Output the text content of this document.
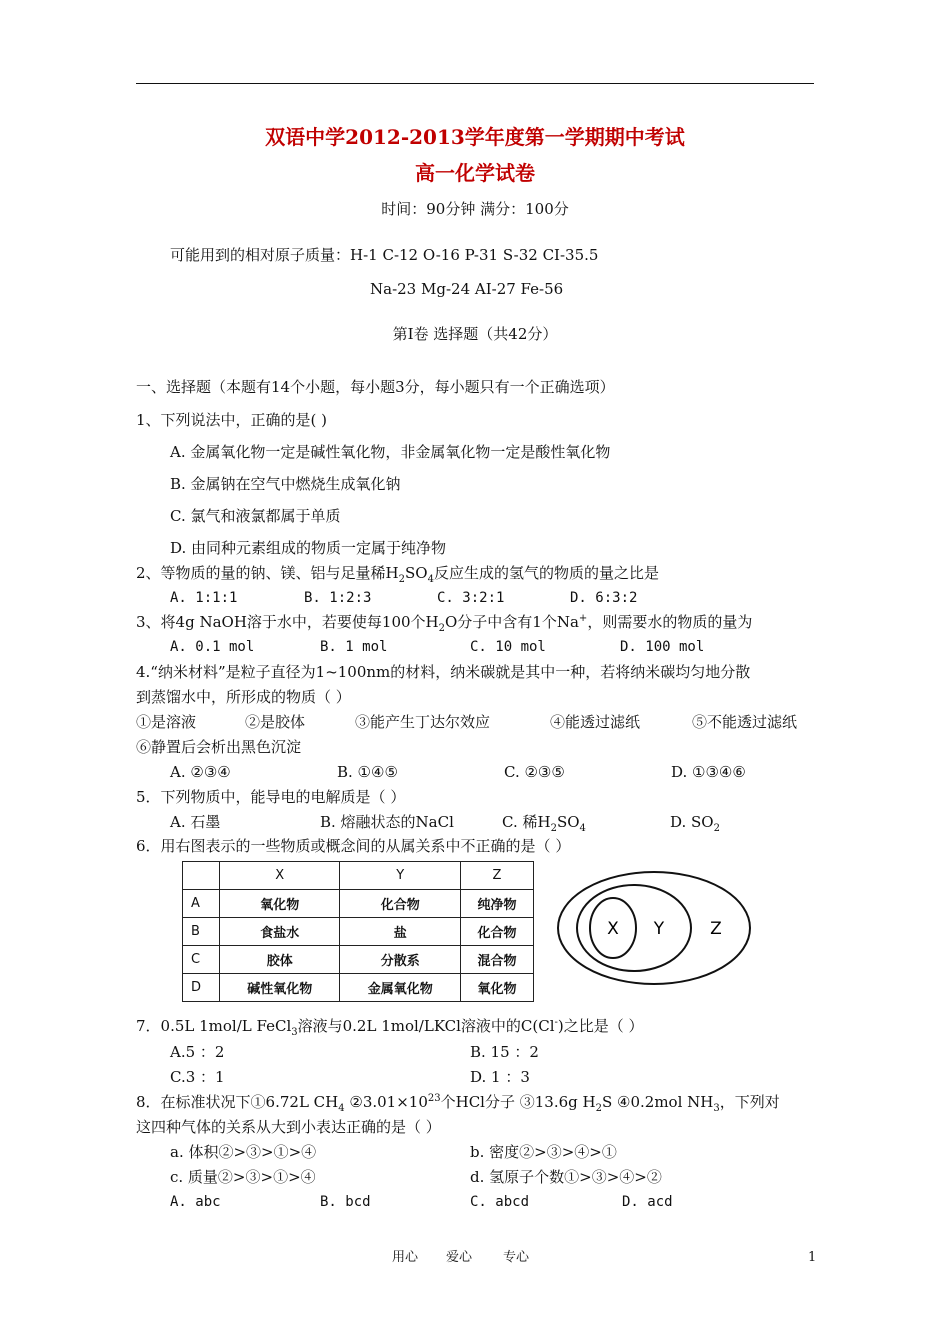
双语中学2012-2013学年度第一学期期中考试
高一化学试卷
时间：90分钟 满分：100分
可能用到的相对原子质量：H-1 C-12 O-16 P-31 S-32 CI-35.5
Na-23 Mg-24 AI-27 Fe-56
第Ⅰ卷 选择题（共42分）
一、选择题（本题有14个小题，每小题3分，每小题只有一个正确选项）
1、下列说法中，正确的是( )
A. 金属氧化物一定是碱性氧化物，非金属氧化物一定是酸性氧化物
B. 金属钠在空气中燃烧生成氧化钠
C. 氯气和液氯都属于单质
D. 由同种元素组成的物质一定属于纯净物
2、等物质的量的钠、镁、铝与足量稀$H_2SO_4$反应生成的氢气的物质的量之比是
A. 1:1:1	B. 1:2:3	C. 3:2:1	D. 6:3:2
3、将4g NaOH溶于水中，若要使每100个$H_2O$分子中含有1个Na+，则需要水的物质的量为
A. 0.1 mol	B. 1 mol	C. 10 mol	D. 100 mol
4.“纳米材料”是粒子直径为1~100nm的材料，纳米碳就是其中一种，若将纳米碳均匀地分散
到蒸馏水中，所形成的物质（ ）
①是溶液	②是胶体	③能产生丁达尔效应	④能透过滤纸	⑤不能透过滤纸
⑥静置后会析出黑色沉淀
A. ②③④	B. ①④⑤	C. ②③⑤	D. ①③④⑥
5．下列物质中，能导电的电解质是（ ）
A. 石墨	B. 熔融状态的NaCl	C. 稀$H_2SO_4$	D. $SO_2$
6．用右图表示的一些物质或概念间的从属关系中不正确的是（ ）
	X	Y	Z
A	氧化物	化合物	纯净物
B	食盐水	盐	化合物
C	胶体	分散系	混合物
D	碱性氧化物	金属氧化物	氧化物
X Y	Z
7．0.5L 1mol/L FeCl$_3$溶液与0.2L 1mol/LKCl溶液中的C(Cl-)之比是（ ）
A.5 ：2	B. 15 ：2
C.3 ：1	D. 1 ：3
8．在标准状况下①6.72L $CH_4$ $②3.01\times 10^{23}$个HCl分子 ③13.6g $H_2S$ ④0.2mol $NH_3$，下列对
这四种气体的关系从大到小表达正确的是（ ）
a. 体积②>③>①>④	b. 密度②>③>④>①
c. 质量②>③>①>④	d. 氢原子个数①>③>④>②
A. abc	B. bcd	C. abcd	D. acd
用心 爱心 专心	1
